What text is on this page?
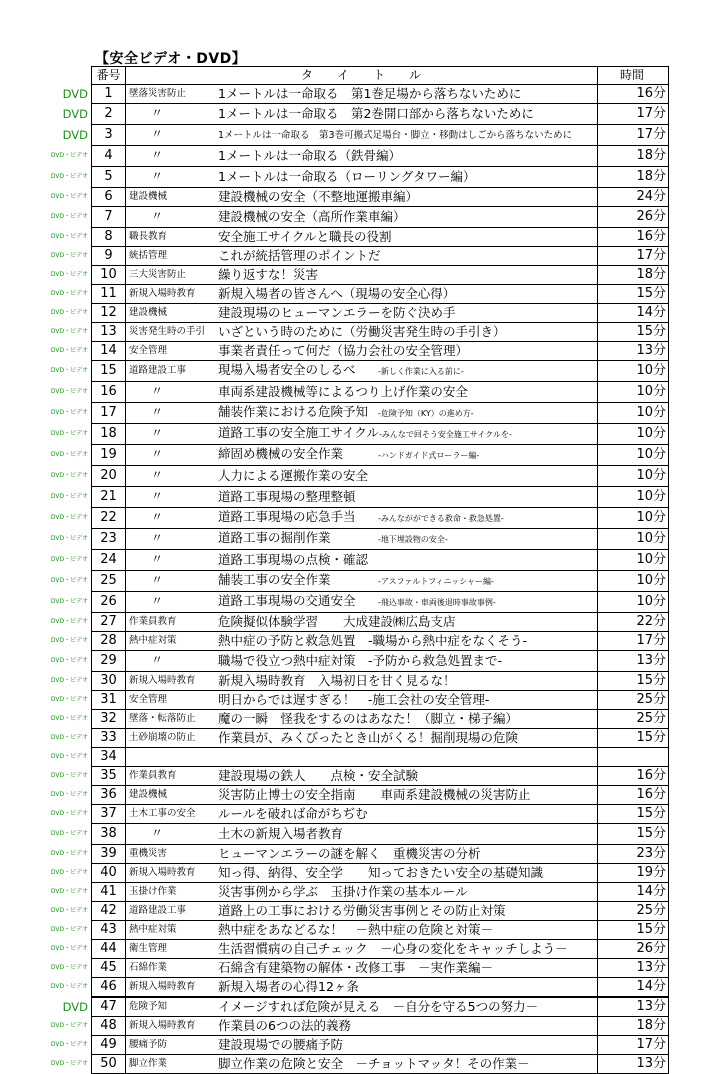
【安全ビデオ・DVD】
	番号		タ　　イ　　ト　　ル	時間
DVD	1	墜落災害防止	1メートルは一命取る　第1巻足場から落ちないために	16分
DVD	2	〃	1メートルは一命取る　第2巻開口部から落ちないために	17分
DVD	3	〃	1メートルは一命取る　第3巻可搬式足場台・脚立・移動はしごから落ちないために	17分
DVD・ビデオ	4	〃	1メートルは一命取る（鉄骨編）	18分
DVD・ビデオ	5	〃	1メートルは一命取る（ローリングタワー編）	18分
DVD・ビデオ	6	建設機械	建設機械の安全（不整地運搬車編）	24分
DVD・ビデオ	7	〃	建設機械の安全（高所作業車編）	26分
DVD・ビデオ	8	職長教育	安全施工サイクルと職長の役割	16分
DVD・ビデオ	9	統括管理	これが統括管理のポイントだ	17分
DVD・ビデオ	10	三大災害防止	繰り返すな！災害	18分
DVD・ビデオ	11	新規入場時教育	新規入場者の皆さんへ（現場の安全心得）	15分
DVD・ビデオ	12	建設機械	建設現場のヒューマンエラーを防ぐ決め手	14分
DVD・ビデオ	13	災害発生時の手引	いざという時のために（労働災害発生時の手引き）	15分
DVD・ビデオ	14	安全管理	事業者責任って何だ（協力会社の安全管理）	13分
DVD・ビデオ	15	道路建設工事	現場入場者安全のしるべ -新しく作業に入る前に-	10分
DVD・ビデオ	16	〃	車両系建設機械等によるつり上げ作業の安全	10分
DVD・ビデオ	17	〃	舗装作業における危険予知 -危険予知（KY）の進め方-	10分
DVD・ビデオ	18	〃	道路工事の安全施工サイクル-みんなで回そう安全施工サイクルを-	10分
DVD・ビデオ	19	〃	締固め機械の安全作業 -ハンドガイド式ローラー編-	10分
DVD・ビデオ	20	〃	人力による運搬作業の安全	10分
DVD・ビデオ	21	〃	道路工事現場の整理整頓	10分
DVD・ビデオ	22	〃	道路工事現場の応急手当 -みんながができる救命・救急処置-	10分
DVD・ビデオ	23	〃	道路工事の掘削作業 -地下埋設物の安全-	10分
DVD・ビデオ	24	〃	道路工事現場の点検・確認	10分
DVD・ビデオ	25	〃	舗装工事の安全作業 -アスファルトフィニッシャー編-	10分
DVD・ビデオ	26	〃	道路工事現場の交通安全 -飛込事故・車両後退時事故事例-	10分
DVD・ビデオ	27	作業員教育	危険擬似体験学習　　大成建設㈱広島支店	22分
DVD・ビデオ	28	熱中症対策	熱中症の予防と救急処置　-職場から熱中症をなくそう-	17分
DVD・ビデオ	29	〃	職場で役立つ熱中症対策　-予防から救急処置まで-	13分
DVD・ビデオ	30	新規入場時教育	新規入場時教育　入場初日を甘く見るな！	15分
DVD・ビデオ	31	安全管理	明日からでは遅すぎる！　-施工会社の安全管理-	25分
DVD・ビデオ	32	墜落・転落防止	魔の一瞬　怪我をするのはあなた！（脚立・梯子編）	25分
DVD・ビデオ	33	土砂崩壊の防止	作業員が、みくびったとき山がくる！掘削現場の危険	15分
DVD・ビデオ	34			
DVD・ビデオ	35	作業員教育	建設現場の鉄人　　点検・安全試験	16分
DVD・ビデオ	36	建設機械	災害防止博士の安全指南　　車両系建設機械の災害防止	16分
DVD・ビデオ	37	土木工事の安全	ルールを破れば命がちぢむ	15分
DVD・ビデオ	38	〃	土木の新規入場者教育	15分
DVD・ビデオ	39	重機災害	ヒューマンエラーの謎を解く　重機災害の分析	23分
DVD・ビデオ	40	新規入場時教育	知っ得、納得、安全学　　知っておきたい安全の基礎知識	19分
DVD・ビデオ	41	玉掛け作業	災害事例から学ぶ　玉掛け作業の基本ルール	14分
DVD・ビデオ	42	道路建設工事	道路上の工事における労働災害事例とその防止対策	25分
DVD・ビデオ	43	熱中症対策	熱中症をあなどるな！　－熱中症の危険と対策－	15分
DVD・ビデオ	44	衛生管理	生活習慣病の自己チェック　－心身の変化をキャッチしよう－	26分
DVD・ビデオ	45	石綿作業	石綿含有建築物の解体・改修工事　－実作業編－	13分
DVD・ビデオ	46	新規入場時教育	新規入場者の心得12ヶ条	14分
DVD	47	危険予知	イメージすれば危険が見える　－自分を守る5つの努力－	13分
DVD・ビデオ	48	新規入場時教育	作業員の6つの法的義務	18分
DVD・ビデオ	49	腰痛予防	建設現場での腰痛予防	17分
DVD・ビデオ	50	脚立作業	脚立作業の危険と安全　－チョットマッタ！その作業－	13分
